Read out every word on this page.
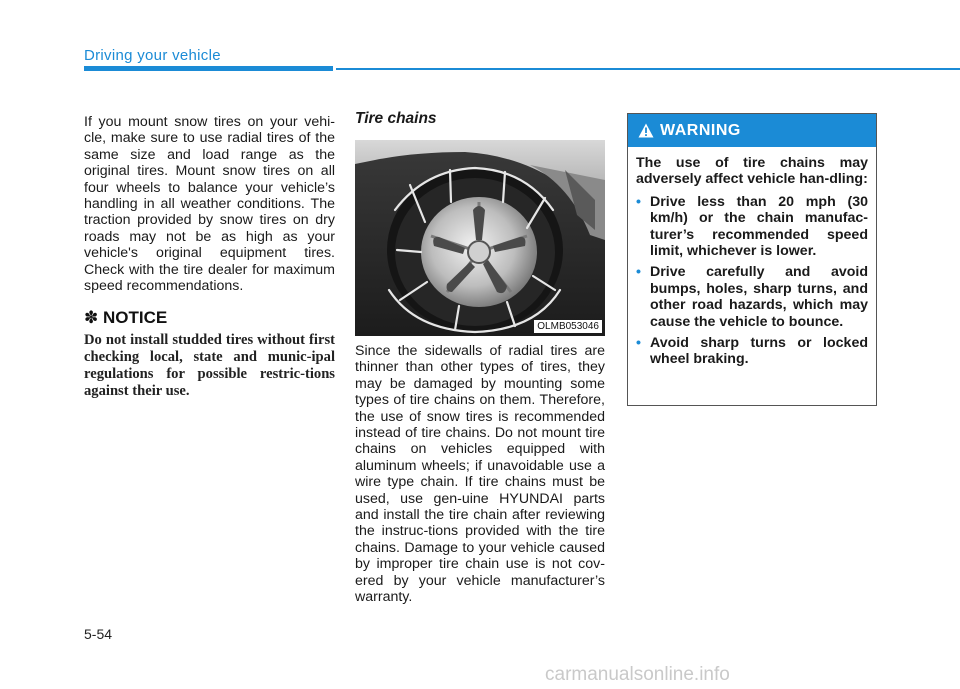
Driving your vehicle
If you mount snow tires on your vehi-cle, make sure to use radial tires of the same size and load range as the original tires. Mount snow tires on all four wheels to balance your vehicle’s handling in all weather conditions. The traction provided by snow tires on dry roads may not be as high as your vehicle's original equipment tires. Check with the tire dealer for maximum speed recommendations.
✽ NOTICE
Do not install studded tires without first checking local, state and munic-ipal regulations for possible restric-tions against their use.
Tire chains
OLMB053046
Since the sidewalls of radial tires are thinner than other types of tires, they may be damaged by mounting some types of tire chains on them. Therefore, the use of snow tires is recommended instead of tire chains. Do not mount tire chains on vehicles equipped with aluminum wheels; if unavoidable use a wire type chain. If tire chains must be used, use gen-uine HYUNDAI parts and install the tire chain after reviewing the instruc-tions provided with the tire chains. Damage to your vehicle caused by improper tire chain use is not cov-ered by your vehicle manufacturer’s warranty.
WARNING
The use of tire chains may adversely affect vehicle han-dling:
• Drive less than 20 mph (30 km/h) or the chain manufac-turer’s recommended speed limit, whichever is lower.
• Drive carefully and avoid bumps, holes, sharp turns, and other road hazards, which may cause the vehicle to bounce.
• Avoid sharp turns or locked wheel braking.
5-54
carmanualsonline.info
